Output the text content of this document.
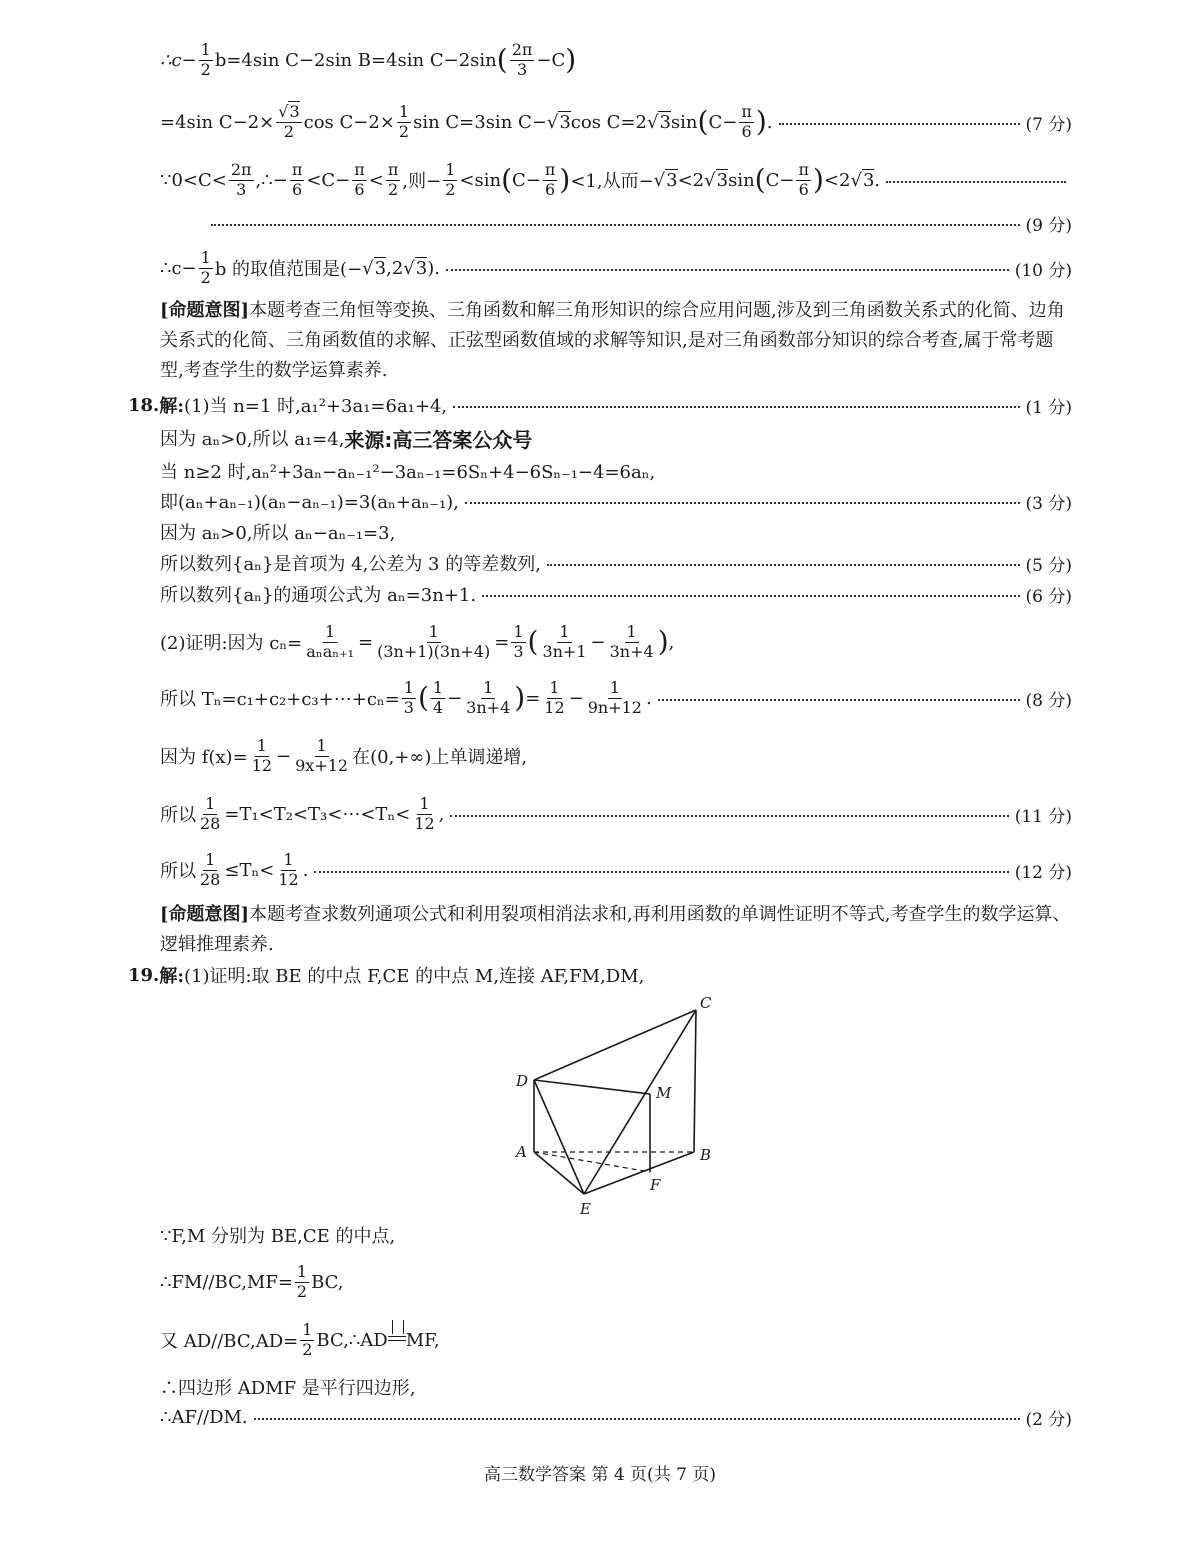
∴c− $\frac{1}{2} b=4\sin$ C−2sin B=4sin C−2sin ( $\frac{2\pi}{3} -C$ )
=4sin C−2× √ $\frac{3}{2}$ $\cos C-2\times \frac{1}{2}$ sin C=3sin C− √ 3 cos C=2 √ 3 sin ( $C- \frac{\pi}{6}$ ) .	(7 分)
∵0<C< $\frac{2\pi}{3}$ ,∴− $\frac{\pi}{6} <C- \frac{\pi}{6} < \frac{\pi}{2}$ ,则− $\frac{1}{2} <\sin$ ( $C- \frac{\pi}{6}$ ) <1,从而− √ 3 <2 √ 3 sin ( $C- \frac{\pi}{6}$ ) <2 √ 3 .
(9 分)
∴c− $\frac{1}{2}$ b 的取值范围是(− √ 3 ,2 √ 3 ).	(10 分)
[命题意图]本题考查三角恒等变换、三角函数和解三角形知识的综合应用问题,涉及到三角函数关系式的化简、边角关系式的化简、三角函数值的求解、正弦型函数值域的求解等知识,是对三角函数部分知识的综合考查,属于常考题型,考查学生的数学运算素养.
18. 解: (1)当 n=1 时,a₁²+3a₁=6a₁+4,	(1 分)
因为 aₙ>0,所以 a₁=4, 来源:高三答案公众号
当 n≥2 时,aₙ²+3aₙ−aₙ₋₁²−3aₙ₋₁=6Sₙ+4−6Sₙ₋₁−4=6aₙ,
即(aₙ+aₙ₋₁)(aₙ−aₙ₋₁)=3(aₙ+aₙ₋₁),	(3 分)
因为 aₙ>0,所以 aₙ−aₙ₋₁=3,
所以数列{aₙ}是首项为 4,公差为 3 的等差数列,	(5 分)
所以数列{aₙ}的通项公式为 aₙ=3n+1.	(6 分)
(2)证明:因为 $c_n= \frac{1}{\text{aₙaₙ₊₁}} = \frac{1}{(3n+1)(3n+4)} = \frac{1}{3}$ ( $\frac{1}{3n+1} - \frac{1}{3n+4}$ ) ,
所以 Tₙ=c₁+c₂+c₃+⋯+cₙ= $\frac{1}{3}$ ( $\frac{1}{4} - \frac{1}{3n+4}$ ) = $\frac{1}{12} - \frac{1}{9n+12}$ .	(8 分)
因为 $f(x)= \frac{1}{12} - \frac{1}{9x+12}$ 在(0,+∞)上单调递增,
所以 $\frac{1}{28}$ =T₁<T₂<T₃<⋯<Tₙ< $\frac{1}{12}$ ,	(11 分)
所以 $\frac{1}{28} \le T_n< \frac{1}{12}$ .	(12 分)
[命题意图]本题考查求数列通项公式和利用裂项相消法求和,再利用函数的单调性证明不等式,考查学生的数学运算、逻辑推理素养.
19. 解: (1)证明:取 BE 的中点 F,CE 的中点 M,连接 AF,FM,DM,
C
D
M
A	B
F
E
∵F,M 分别为 BE,CE 的中点,
∴FM//BC,MF= $\frac{1}{2}$ BC,
又 $AD//BC,AD= \frac{1}{2}$ BC,∴AD
MF,
∴四边形 ADMF 是平行四边形,
∴AF//DM.	(2 分)
高三数学答案 第 4 页(共 7 页)
